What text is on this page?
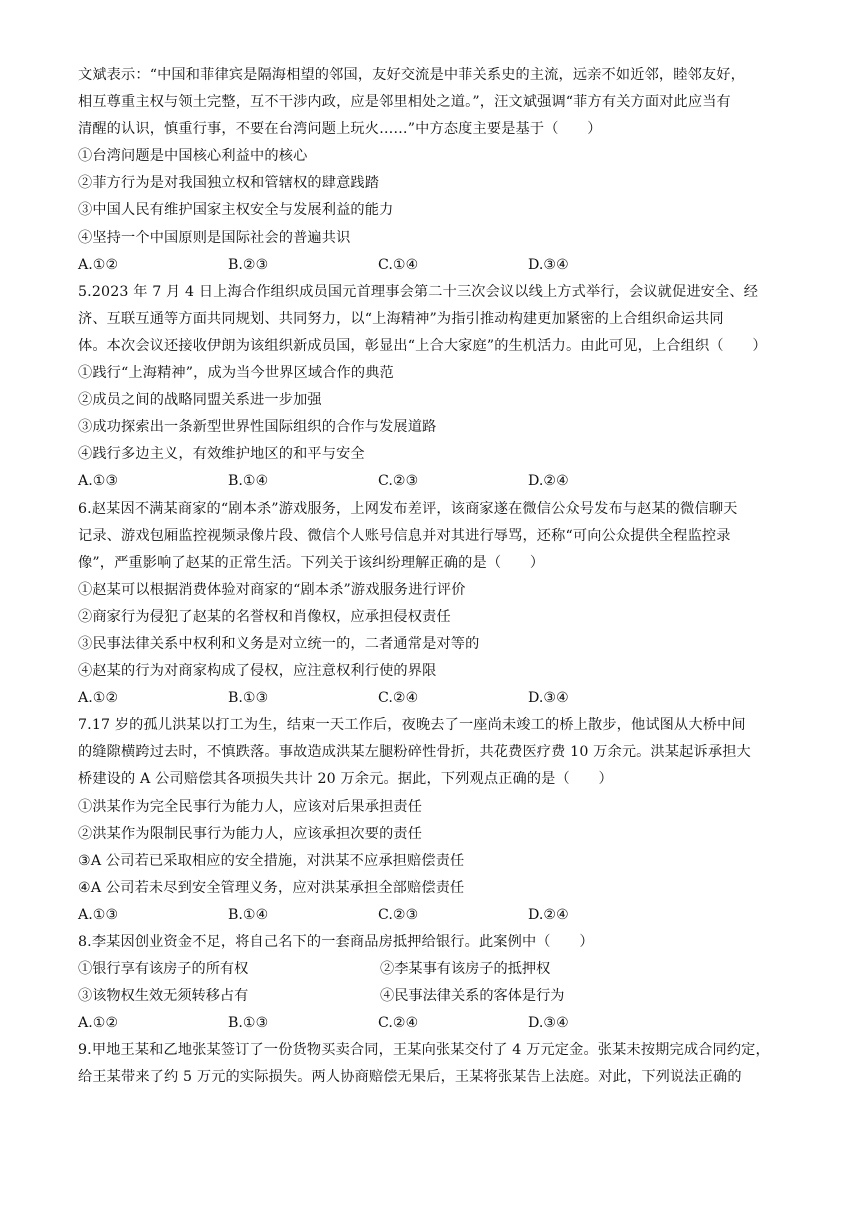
文斌表示：“中国和菲律宾是隔海相望的邻国，友好交流是中菲关系史的主流，远亲不如近邻，睦邻友好，
相互尊重主权与领土完整，互不干涉内政，应是邻里相处之道。”，汪文斌强调“菲方有关方面对此应当有
清醒的认识，慎重行事，不要在台湾问题上玩火……”中方态度主要是基于（　　）
①台湾问题是中国核心利益中的核心
②菲方行为是对我国独立权和管辖权的肆意践踏
③中国人民有维护国家主权安全与发展利益的能力
④坚持一个中国原则是国际社会的普遍共识
A.①②	B.②③	C.①④	D.③④
5.2023 年 7 月 4 日上海合作组织成员国元首理事会第二十三次会议以线上方式举行，会议就促进安全、经
济、互联互通等方面共同规划、共同努力，以“上海精神”为指引推动构建更加紧密的上合组织命运共同
体。本次会议还接收伊朗为该组织新成员国，彰显出“上合大家庭”的生机活力。由此可见，上合组织（　　）
①践行“上海精神”，成为当今世界区域合作的典范
②成员之间的战略同盟关系进一步加强
③成功探索出一条新型世界性国际组织的合作与发展道路
④践行多边主义，有效维护地区的和平与安全
A.①③	B.①④	C.②③	D.②④
6.赵某因不满某商家的“剧本杀”游戏服务，上网发布差评，该商家遂在微信公众号发布与赵某的微信聊天
记录、游戏包厢监控视频录像片段、微信个人账号信息并对其进行辱骂，还称“可向公众提供全程监控录
像”，严重影响了赵某的正常生活。下列关于该纠纷理解正确的是（　　）
①赵某可以根据消费体验对商家的“剧本杀”游戏服务进行评价
②商家行为侵犯了赵某的名誉权和肖像权，应承担侵权责任
③民事法律关系中权利和义务是对立统一的，二者通常是对等的
④赵某的行为对商家构成了侵权，应注意权利行使的界限
A.①②	B.①③	C.②④	D.③④
7.17 岁的孤儿洪某以打工为生，结束一天工作后，夜晚去了一座尚未竣工的桥上散步，他试图从大桥中间
的缝隙横跨过去时，不慎跌落。事故造成洪某左腿粉碎性骨折，共花费医疗费 10 万余元。洪某起诉承担大
桥建设的 A 公司赔偿其各项损失共计 20 万余元。据此，下列观点正确的是（　　）
①洪某作为完全民事行为能力人，应该对后果承担责任
②洪某作为限制民事行为能力人，应该承担次要的责任
③A 公司若已采取相应的安全措施，对洪某不应承担赔偿责任
④A 公司若未尽到安全管理义务，应对洪某承担全部赔偿责任
A.①③	B.①④	C.②③	D.②④
8.李某因创业资金不足，将自己名下的一套商品房抵押给银行。此案例中（　　）
①银行享有该房子的所有权	②李某事有该房子的抵押权
③该物权生效无须转移占有	④民事法律关系的客体是行为
A.①②	B.①③	C.②④	D.③④
9.甲地王某和乙地张某签订了一份货物买卖合同，王某向张某交付了 4 万元定金。张某未按期完成合同约定，
给王某带来了约 5 万元的实际损失。两人协商赔偿无果后，王某将张某告上法庭。对此，下列说法正确的
